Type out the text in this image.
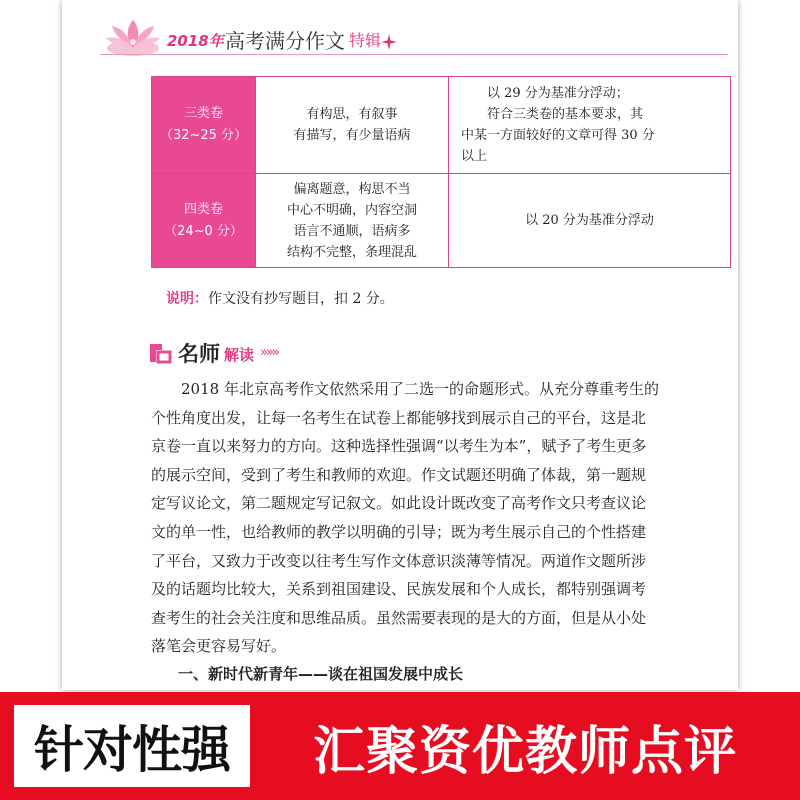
2018年 高考满分作文 特辑
三类卷
（32~25 分）
有构思，有叙事
有描写，有少量语病
以 29 分为基准分浮动；
符合三类卷的基本要求，其
中某一方面较好的文章可得 30 分
以上
四类卷
（24~0 分）
偏离题意，构思不当
中心不明确，内容空洞
语言不通顺，语病多
结构不完整，条理混乱
以 20 分为基准分浮动
说明：作文没有抄写题目，扣 2 分。
名师 解读 »»»
2018 年北京高考作文依然采用了二选一的命题形式。从充分尊重考生的
个性角度出发，让每一名考生在试卷上都能够找到展示自己的平台，这是北
京卷一直以来努力的方向。这种选择性强调“以考生为本”，赋予了考生更多
的展示空间，受到了考生和教师的欢迎。作文试题还明确了体裁，第一题规
定写议论文，第二题规定写记叙文。如此设计既改变了高考作文只考查议论
文的单一性，也给教师的教学以明确的引导；既为考生展示自己的个性搭建
了平台，又致力于改变以往考生写作文体意识淡薄等情况。两道作文题所涉
及的话题均比较大，关系到祖国建设、民族发展和个人成长，都特别强调考
查考生的社会关注度和思维品质。虽然需要表现的是大的方面，但是从小处
落笔会更容易写好。
一、新时代新青年——谈在祖国发展中成长
针对性强	汇聚资优教师点评
